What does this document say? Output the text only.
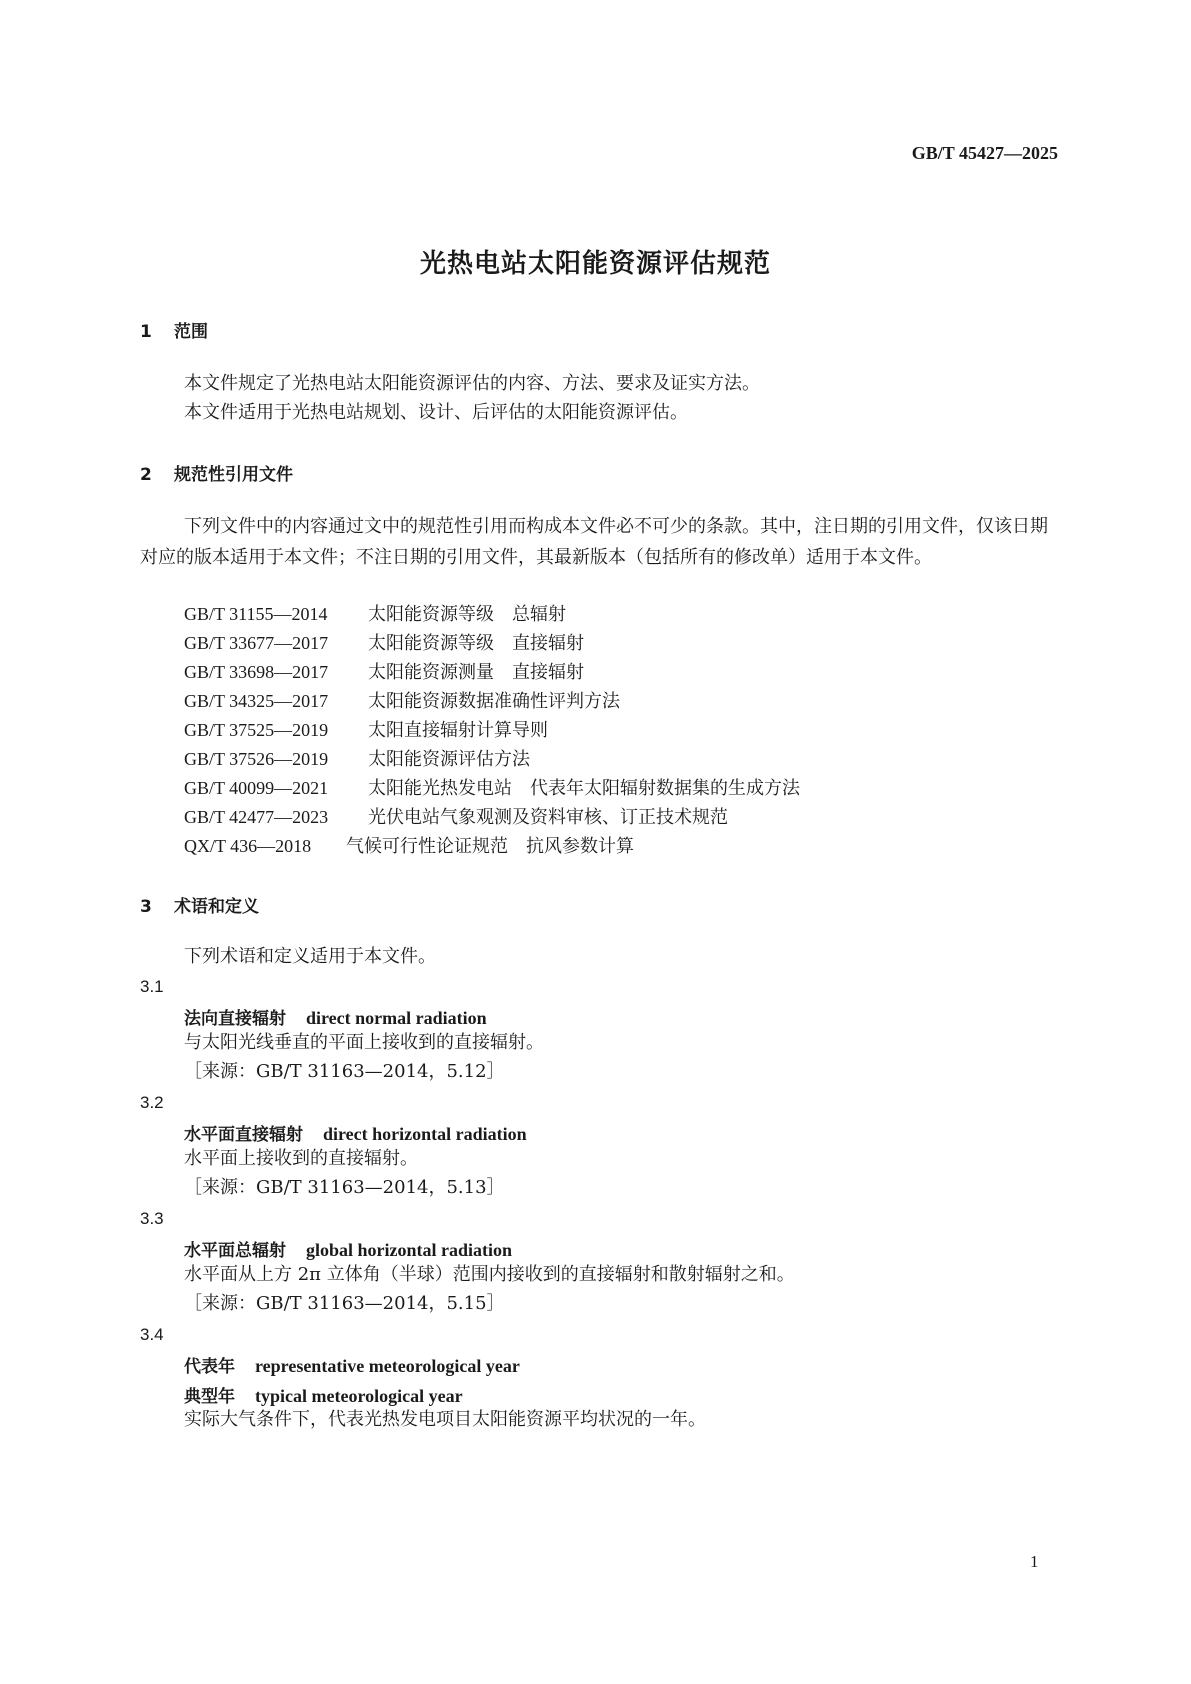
GB/T 45427—2025
光热电站太阳能资源评估规范
1 范围
本文件规定了光热电站太阳能资源评估的内容、方法、要求及证实方法。
本文件适用于光热电站规划、设计、后评估的太阳能资源评估。
2 规范性引用文件
下列文件中的内容通过文中的规范性引用而构成本文件必不可少的条款。其中，注日期的引用文件，仅该日期对应的版本适用于本文件；不注日期的引用文件，其最新版本（包括所有的修改单）适用于本文件。
GB/T 31155—2014 太阳能资源等级　总辐射
GB/T 33677—2017 太阳能资源等级　直接辐射
GB/T 33698—2017 太阳能资源测量　直接辐射
GB/T 34325—2017 太阳能资源数据准确性评判方法
GB/T 37525—2019 太阳直接辐射计算导则
GB/T 37526—2019 太阳能资源评估方法
GB/T 40099—2021 太阳能光热发电站　代表年太阳辐射数据集的生成方法
GB/T 42477—2023 光伏电站气象观测及资料审核、订正技术规范
QX/T 436—2018 气候可行性论证规范　抗风参数计算
3 术语和定义
下列术语和定义适用于本文件。
3.1
法向直接辐射 direct normal radiation
与太阳光线垂直的平面上接收到的直接辐射。
［来源：GB/T 31163—2014，5.12］
3.2
水平面直接辐射 direct horizontal radiation
水平面上接收到的直接辐射。
［来源：GB/T 31163—2014，5.13］
3.3
水平面总辐射 global horizontal radiation
水平面从上方 2π 立体角（半球）范围内接收到的直接辐射和散射辐射之和。
［来源：GB/T 31163—2014，5.15］
3.4
代表年 representative meteorological year
典型年 typical meteorological year
实际大气条件下，代表光热发电项目太阳能资源平均状况的一年。
1
